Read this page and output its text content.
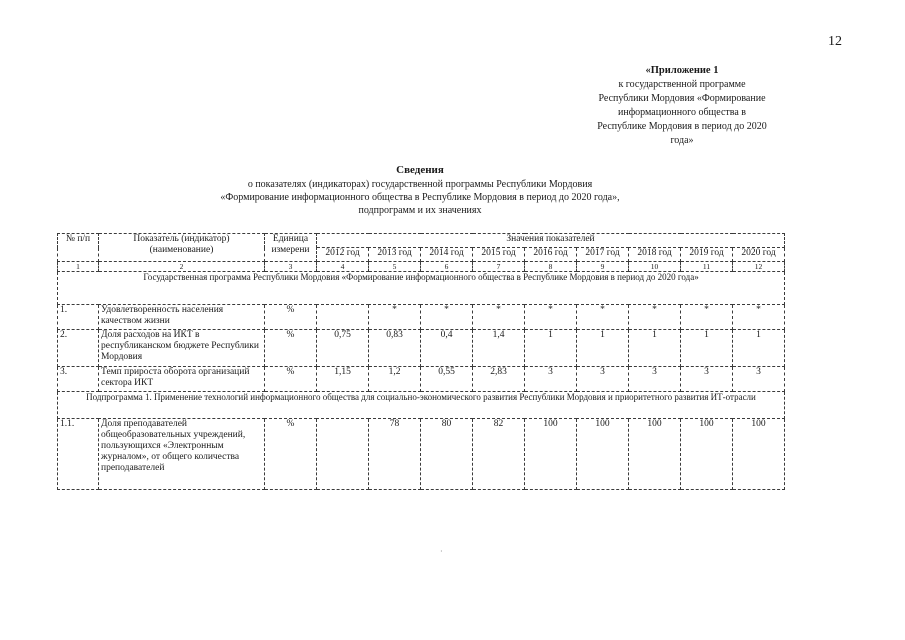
12
«Приложение 1
к государственной программе
Республики Мордовия «Формирование
информационного общества в
Республике Мордовия в период до 2020
года»
Сведения
о показателях (индикаторах) государственной программы Республики Мордовия
«Формирование информационного общества в Республике Мордовия в период до 2020 года»,
подпрограмм и их значениях
№ п/п	Показатель (индикатор) (наименование)	Единица измерени	Значения показателей								
			2012 год	2013 год	2014 год	2015 год	2016 год	2017 год	2018 год	2019 год	2020 год
1	2	3	4	5	6	7	8	9	10	11	12
Государственная программа Республики Мордовия «Формирование информационного общества в Республике Мордовия в период до 2020 года»											
1.	Удовлетворенность населения качеством жизни	%		*	*	*	*	*	*	*	*
2.	Доля расходов на ИКТ в республиканском бюджете Республики Мордовия	%	0,75	0,83	0,4	1,4	1	1	1	1	1
3.	Темп прироста оборота организаций сектора ИКТ	%	1,15	1,2	0,55	2,83	3	3	3	3	3
Подпрограмма 1. Применение технологий информационного общества для социально-экономического развития Республики Мордовия и приоритетного развития ИТ-отрасли											
1.1.	Доля преподавателей общеобразовательных учреждений, пользующихся «Электронным журналом», от общего количества преподавателей	%		78	80	82	100	100	100	100	100
·
